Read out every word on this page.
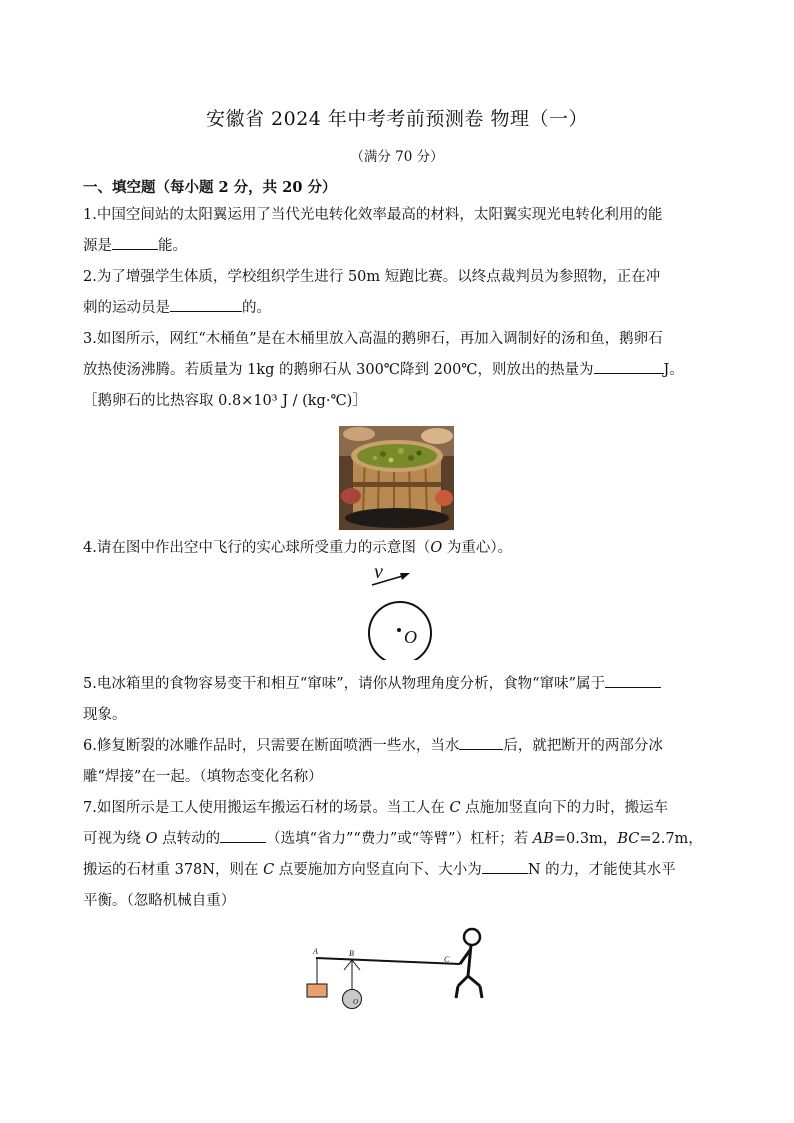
安徽省 2024 年中考考前预测卷 物理（一）
（满分 70 分）
一、填空题（每小题 2 分，共 20 分）
1.中国空间站的太阳翼运用了当代光电转化效率最高的材料，太阳翼实现光电转化利用的能
源是	能。
2.为了增强学生体质，学校组织学生进行 50m 短跑比赛。以终点裁判员为参照物，正在冲
刺的运动员是	的。
3.如图所示，网红“木桶鱼”是在木桶里放入高温的鹅卵石，再加入调制好的汤和鱼，鹅卵石
放热使汤沸腾。若质量为 1kg 的鹅卵石从 300℃降到 200℃，则放出的热量为	J。
［鹅卵石的比热容取 0.8×10³ J / (kg·℃)］
4.请在图中作出空中飞行的实心球所受重力的示意图（O 为重心）。
v
O
5.电冰箱里的食物容易变干和相互“窜味”，请你从物理角度分析，食物“窜味”属于
现象。
6.修复断裂的冰雕作品时，只需要在断面喷洒一些水，当水	后，就把断开的两部分冰
雕“焊接”在一起。（填物态变化名称）
7.如图所示是工人使用搬运车搬运石材的场景。当工人在 C 点施加竖直向下的力时，搬运车
可视为绕 O 点转动的	（选填“省力”“费力”或“等臂”）杠杆；若 AB=0.3m，BC=2.7m，
搬运的石材重 378N，则在 C 点要施加方向竖直向下、大小为	N 的力，才能使其水平
平衡。（忽略机械自重）
A
O
B
C
